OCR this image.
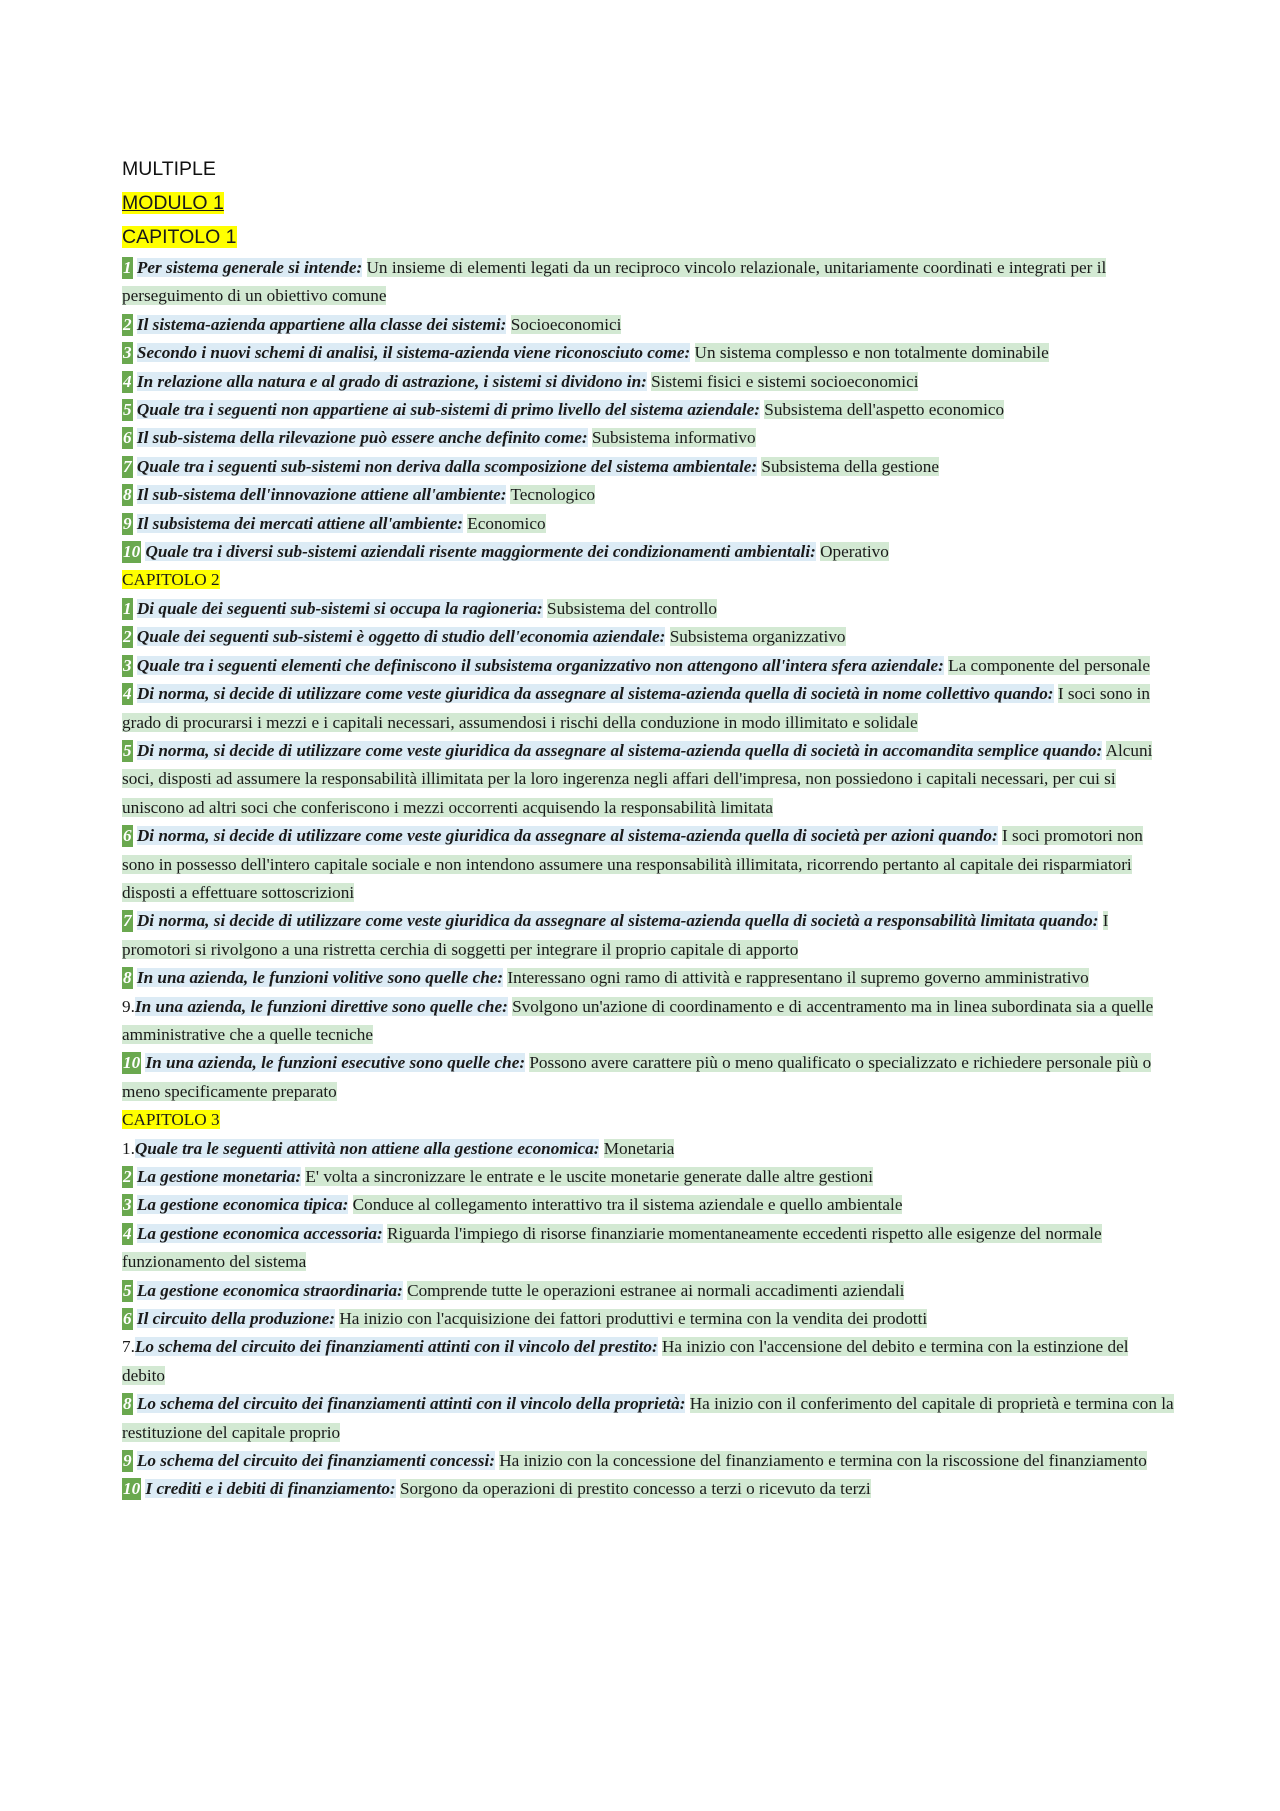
MULTIPLE
MODULO 1
CAPITOLO 1

1 Per sistema generale si intende: Un insieme di elementi legati da un reciproco vincolo relazionale, unitariamente coordinati e integrati per il perseguimento di un obiettivo comune

2 Il sistema-azienda appartiene alla classe dei sistemi: Socioeconomici

3 Secondo i nuovi schemi di analisi, il sistema-azienda viene riconosciuto come: Un sistema complesso e non totalmente dominabile

4 In relazione alla natura e al grado di astrazione, i sistemi si dividono in: Sistemi fisici e sistemi socioeconomici

5 Quale tra i seguenti non appartiene ai sub-sistemi di primo livello del sistema aziendale: Subsistema dell'aspetto economico

6 Il sub-sistema della rilevazione può essere anche definito come: Subsistema informativo

7 Quale tra i seguenti sub-sistemi non deriva dalla scomposizione del sistema ambientale: Subsistema della gestione

8 Il sub-sistema dell'innovazione attiene all'ambiente: Tecnologico

9 Il subsistema dei mercati attiene all'ambiente: Economico

10 Quale tra i diversi sub-sistemi aziendali risente maggiormente dei condizionamenti ambientali: Operativo

CAPITOLO 2

1 Di quale dei seguenti sub-sistemi si occupa la ragioneria: Subsistema del controllo

2 Quale dei seguenti sub-sistemi è oggetto di studio dell'economia aziendale: Subsistema organizzativo

3 Quale tra i seguenti elementi che definiscono il subsistema organizzativo non attengono all'intera sfera aziendale: La componente del personale

4 Di norma, si decide di utilizzare come veste giuridica da assegnare al sistema-azienda quella di società in nome collettivo quando: I soci sono in grado di procurarsi i mezzi e i capitali necessari, assumendosi i rischi della conduzione in modo illimitato e solidale

5 Di norma, si decide di utilizzare come veste giuridica da assegnare al sistema-azienda quella di società in accomandita semplice quando: Alcuni soci, disposti ad assumere la responsabilità illimitata per la loro ingerenza negli affari dell'impresa, non possiedono i capitali necessari, per cui si uniscono ad altri soci che conferiscono i mezzi occorrenti acquisendo la responsabilità limitata

6 Di norma, si decide di utilizzare come veste giuridica da assegnare al sistema-azienda quella di società per azioni quando: I soci promotori non sono in possesso dell'intero capitale sociale e non intendono assumere una responsabilità illimitata, ricorrendo pertanto al capitale dei risparmiatori disposti a effettuare sottoscrizioni

7 Di norma, si decide di utilizzare come veste giuridica da assegnare al sistema-azienda quella di società a responsabilità limitata quando: I promotori si rivolgono a una ristretta cerchia di soggetti per integrare il proprio capitale di apporto

8 In una azienda, le funzioni volitive sono quelle che: Interessano ogni ramo di attività e rappresentano il supremo governo amministrativo

9.In una azienda, le funzioni direttive sono quelle che: Svolgono un'azione di coordinamento e di accentramento ma in linea subordinata sia a quelle amministrative che a quelle tecniche

10 In una azienda, le funzioni esecutive sono quelle che: Possono avere carattere più o meno qualificato o specializzato e richiedere personale più o meno specificamente preparato

CAPITOLO 3

1.Quale tra le seguenti attività non attiene alla gestione economica: Monetaria

2 La gestione monetaria: E' volta a sincronizzare le entrate e le uscite monetarie generate dalle altre gestioni

3 La gestione economica tipica: Conduce al collegamento interattivo tra il sistema aziendale e quello ambientale

4 La gestione economica accessoria: Riguarda l'impiego di risorse finanziarie momentaneamente eccedenti rispetto alle esigenze del normale funzionamento del sistema

5 La gestione economica straordinaria: Comprende tutte le operazioni estranee ai normali accadimenti aziendali

6 Il circuito della produzione: Ha inizio con l'acquisizione dei fattori produttivi e termina con la vendita dei prodotti

7.Lo schema del circuito dei finanziamenti attinti con il vincolo del prestito: Ha inizio con l'accensione del debito e termina con la estinzione del debito

8 Lo schema del circuito dei finanziamenti attinti con il vincolo della proprietà: Ha inizio con il conferimento del capitale di proprietà e termina con la restituzione del capitale proprio

9 Lo schema del circuito dei finanziamenti concessi: Ha inizio con la concessione del finanziamento e termina con la riscossione del finanziamento

10 I crediti e i debiti di finanziamento: Sorgono da operazioni di prestito concesso a terzi o ricevuto da terzi
